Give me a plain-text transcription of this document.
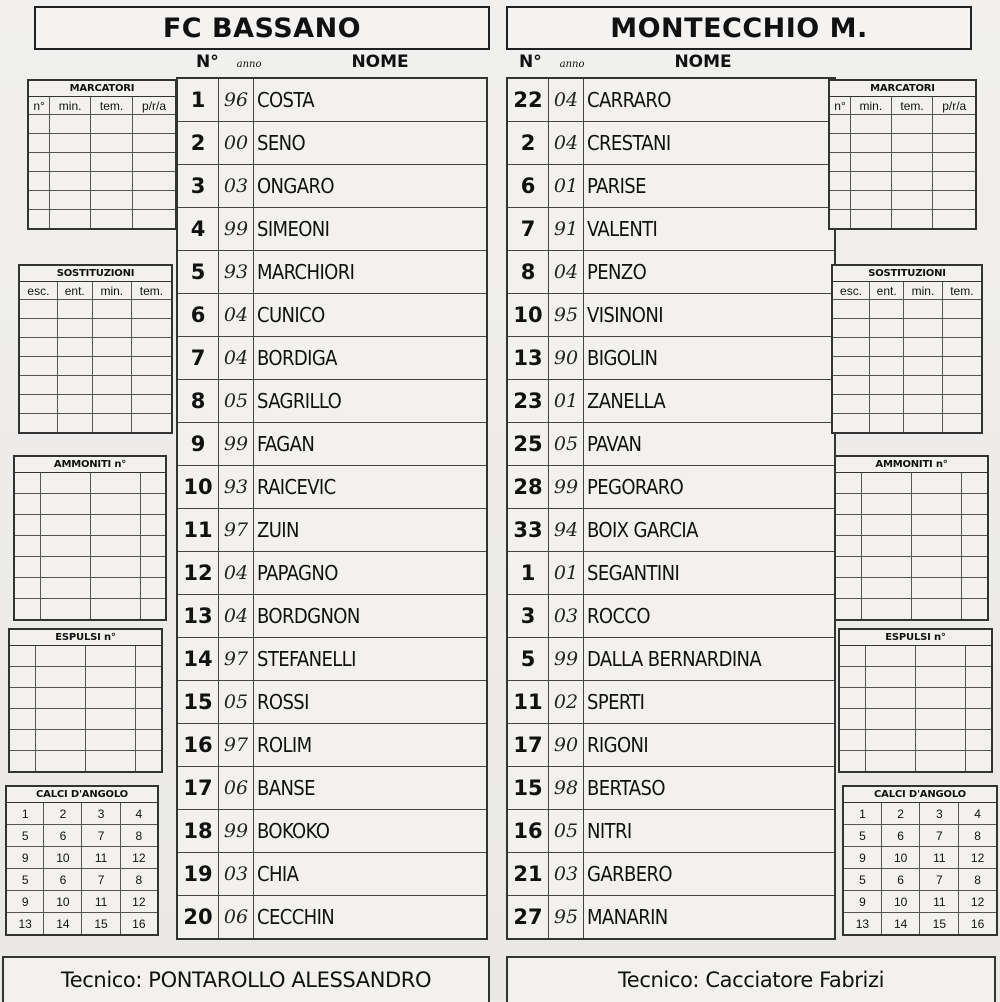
FC BASSANO	MONTECCHIO M.
N° anno	NOME	N° anno	NOME
1	96	COSTA
2	00	SENO
3	03	ONGARO
4	99	SIMEONI
5	93	MARCHIORI
6	04	CUNICO
7	04	BORDIGA
8	05	SAGRILLO
9	99	FAGAN
10	93	RAICEVIC
11	97	ZUIN
12	04	PAPAGNO
13	04	BORDGNON
14	97	STEFANELLI
15	05	ROSSI
16	97	ROLIM
17	06	BANSE
18	99	BOKOKO
19	03	CHIA
20	06	CECCHIN
22	04	CARRARO
2	04	CRESTANI
6	01	PARISE
7	91	VALENTI
8	04	PENZO
10	95	VISINONI
13	90	BIGOLIN
23	01	ZANELLA
25	05	PAVAN
28	99	PEGORARO
33	94	BOIX GARCIA
1	01	SEGANTINI
3	03	ROCCO
5	99	DALLA BERNARDINA
11	02	SPERTI
17	90	RIGONI
15	98	BERTASO
16	05	NITRI
21	03	GARBERO
27	95	MANARIN
MARCATORI
n°	min.	tem.	p/r/a

SOSTITUZIONI
esc.	ent.	min.	tem.

AMMONITI n°

ESPULSI n°

CALCI D'ANGOLO
1	2	3	4
5	6	7	8
9	10	11	12
5	6	7	8
9	10	11	12
13	14	15	16
MARCATORI
n°	min.	tem.	p/r/a

SOSTITUZIONI
esc.	ent.	min.	tem.

AMMONITI n°

ESPULSI n°

CALCI D'ANGOLO
1	2	3	4
5	6	7	8
9	10	11	12
5	6	7	8
9	10	11	12
13	14	15	16
Tecnico: PONTAROLLO ALESSANDRO	Tecnico: Cacciatore Fabrizi
